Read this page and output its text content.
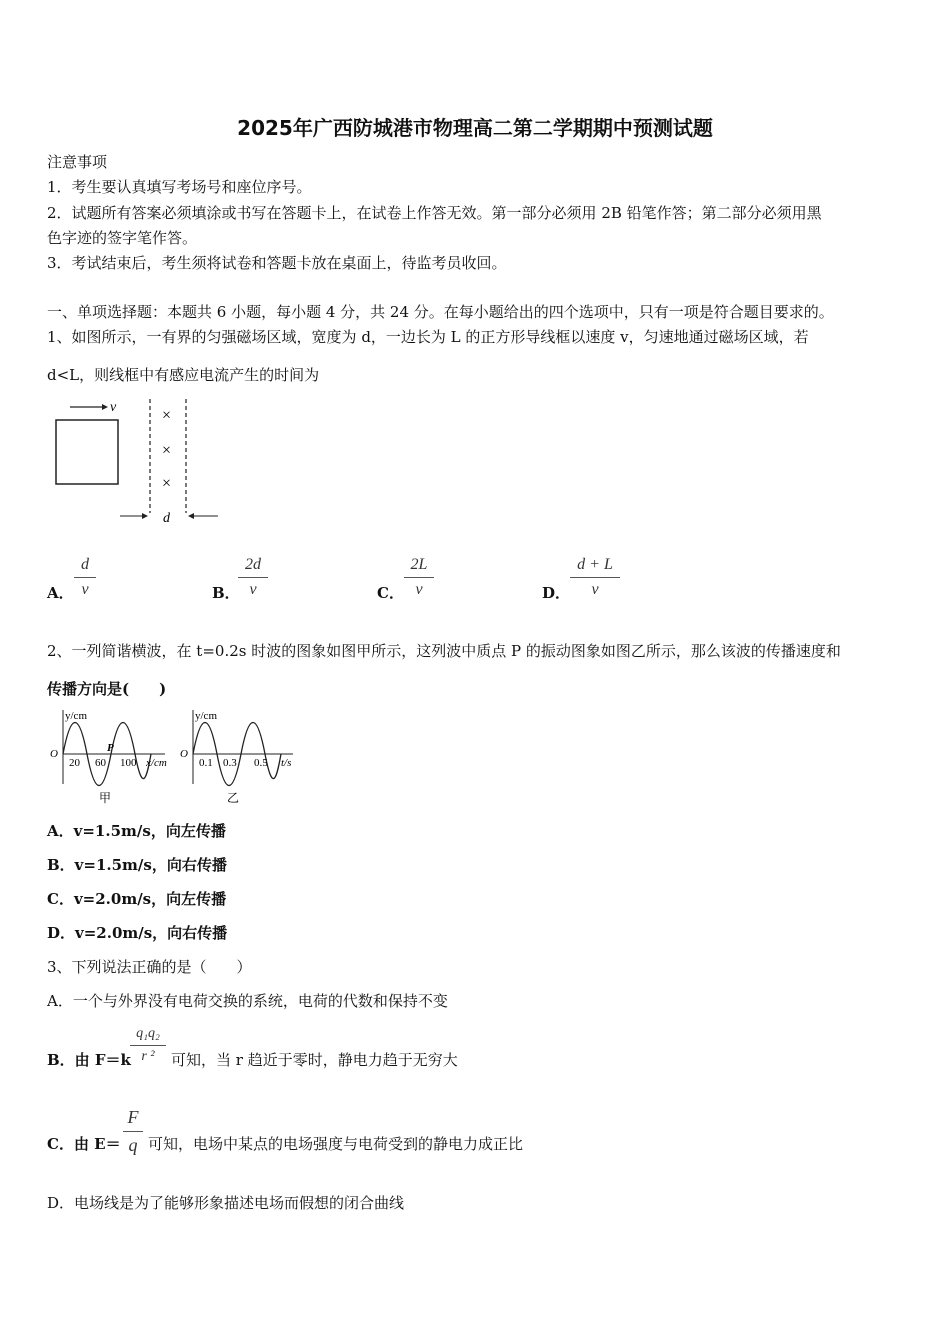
2025年广西防城港市物理高二第二学期期中预测试题
注意事项
1．考生要认真填写考场号和座位序号。
2．试题所有答案必须填涂或书写在答题卡上，在试卷上作答无效。第一部分必须用 2B 铅笔作答；第二部分必须用黑
色字迹的签字笔作答。
3．考试结束后，考生须将试卷和答题卡放在桌面上，待监考员收回。
一、单项选择题：本题共 6 小题，每小题 4 分，共 24 分。在每小题给出的四个选项中，只有一项是符合题目要求的。
1、如图所示，一有界的匀强磁场区域，宽度为 d，一边长为 L 的正方形导线框以速度 v，匀速地通过磁场区域，若
d<L，则线框中有感应电流产生的时间为
v	×
×
×
d
A．
d
v	B．
2d
v	C．
2L
v	D．
d + L
v
2、一列简谐横波，在 t=0.2s 时波的图象如图甲所示，这列波中质点 P 的振动图象如图乙所示，那么该波的传播速度和
传播方向是(　　)
y/cm
O
20 60 100 x/cm
P
甲
y/cm
O
0.1 0.3 0.5 t/s
乙
A．v=1.5m/s，向左传播
B．v=1.5m/s，向右传播
C．v=2.0m/s，向左传播
D．v=2.0m/s，向右传播
3、下列说法正确的是（　　）
A．一个与外界没有电荷交换的系统，电荷的代数和保持不变
B．由 F＝k
q₁q₂
r ²	可知，当 r 趋近于零时，静电力趋于无穷大
C．由 E＝
F
q 可知，电场中某点的电场强度与电荷受到的静电力成正比
D．电场线是为了能够形象描述电场而假想的闭合曲线
